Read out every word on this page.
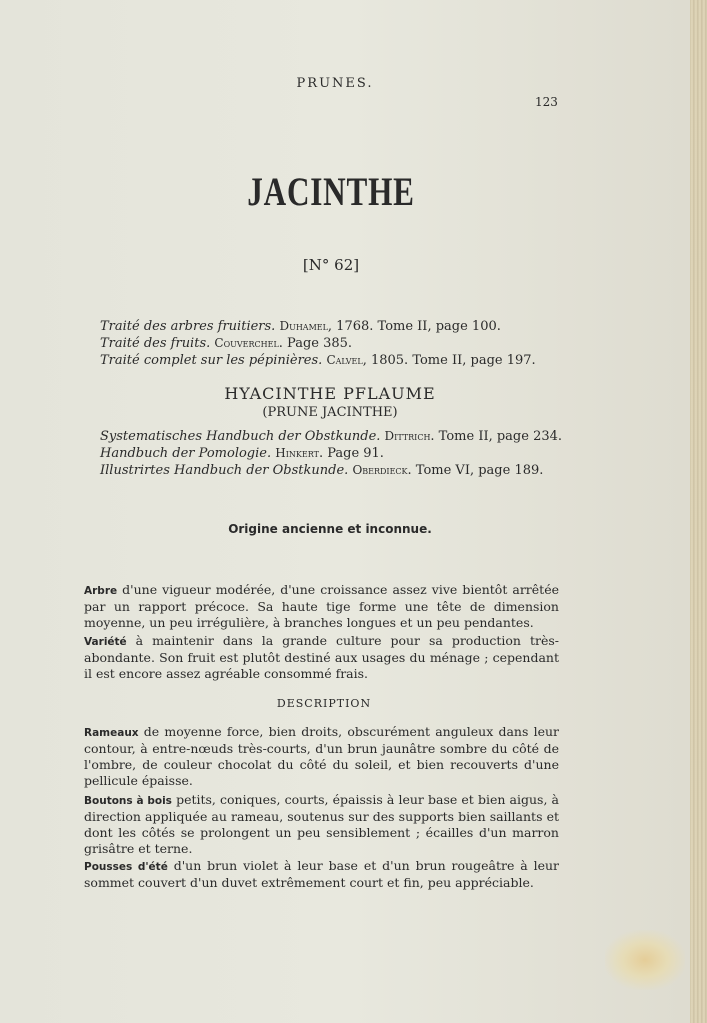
PRUNES.
123
JACINTHE
[N° 62]
Traité des arbres fruitiers. Duhamel, 1768. Tome II, page 100.
Traité des fruits. Couverchel. Page 385.
Traité complet sur les pépinières. Calvel, 1805. Tome II, page 197.
HYACINTHE PFLAUME
(PRUNE JACINTHE)
Systematisches Handbuch der Obstkunde. Dittrich. Tome II, page 234.
Handbuch der Pomologie. Hinkert. Page 91.
Illustrirtes Handbuch der Obstkunde. Oberdieck. Tome VI, page 189.
Origine ancienne et inconnue.
Arbre d'une vigueur modérée, d'une croissance assez vive bientôt arrêtée par un rapport précoce. Sa haute tige forme une tête de dimension moyenne, un peu irrégulière, à branches longues et un peu pendantes.
Variété à maintenir dans la grande culture pour sa production très-abondante. Son fruit est plutôt destiné aux usages du ménage ; cependant il est encore assez agréable consommé frais.
DESCRIPTION
Rameaux de moyenne force, bien droits, obscurément anguleux dans leur contour, à entre-nœuds très-courts, d'un brun jaunâtre sombre du côté de l'ombre, de couleur chocolat du côté du soleil, et bien recouverts d'une pellicule épaisse.
Boutons à bois petits, coniques, courts, épaissis à leur base et bien aigus, à direction appliquée au rameau, soutenus sur des supports bien saillants et dont les côtés se prolongent un peu sensiblement ; écailles d'un marron grisâtre et terne.
Pousses d'été d'un brun violet à leur base et d'un brun rougeâtre à leur sommet couvert d'un duvet extrêmement court et fin, peu appréciable.
